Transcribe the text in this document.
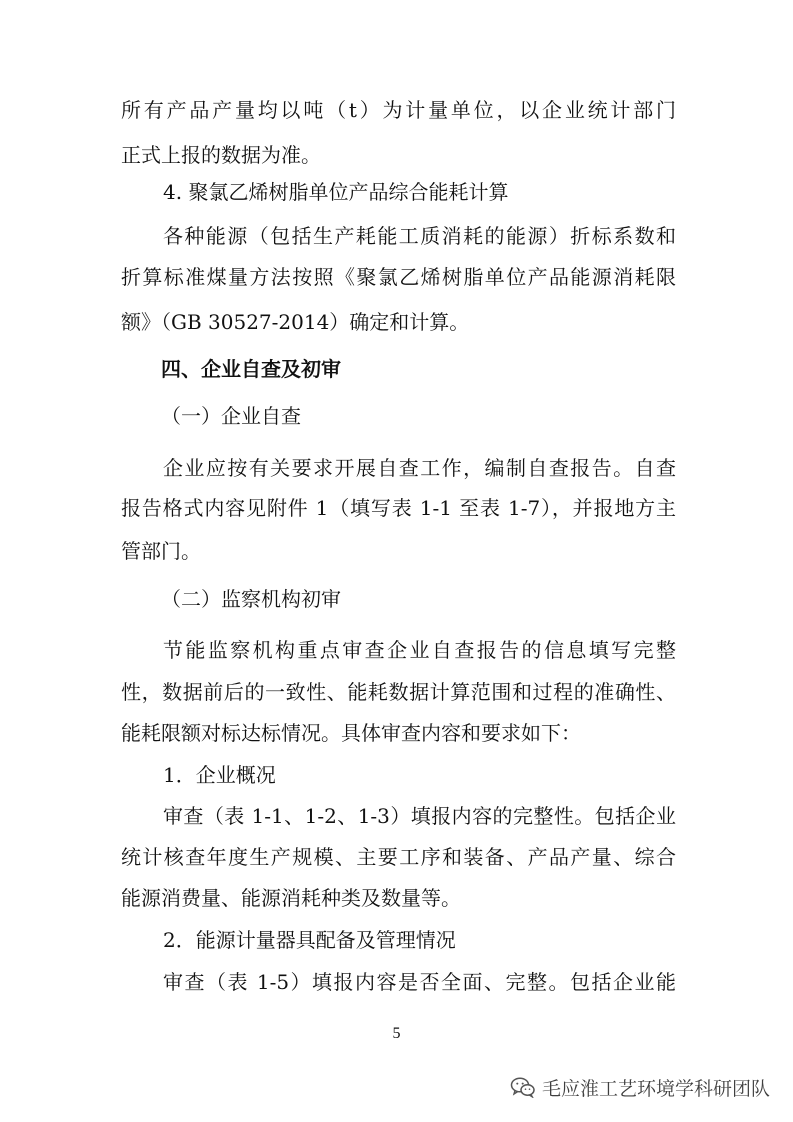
所有产品产量均以吨（t）为计量单位，以企业统计部门
正式上报的数据为准。
4. 聚氯乙烯树脂单位产品综合能耗计算
各种能源（包括生产耗能工质消耗的能源）折标系数和
折算标准煤量方法按照《聚氯乙烯树脂单位产品能源消耗限
额》（GB 30527-2014）确定和计算。
四、企业自查及初审
（一）企业自查
企业应按有关要求开展自查工作，编制自查报告。自查
报告格式内容见附件 1（填写表 1-1 至表 1-7），并报地方主
管部门。
（二）监察机构初审
节能监察机构重点审查企业自查报告的信息填写完整
性，数据前后的一致性、能耗数据计算范围和过程的准确性、
能耗限额对标达标情况。具体审查内容和要求如下：
1．企业概况
审查（表 1-1、1-2、1-3）填报内容的完整性。包括企业
统计核查年度生产规模、主要工序和装备、产品产量、综合
能源消费量、能源消耗种类及数量等。
2．能源计量器具配备及管理情况
审查（表 1-5）填报内容是否全面、完整。包括企业能
5
毛应淮工艺环境学科研团队
